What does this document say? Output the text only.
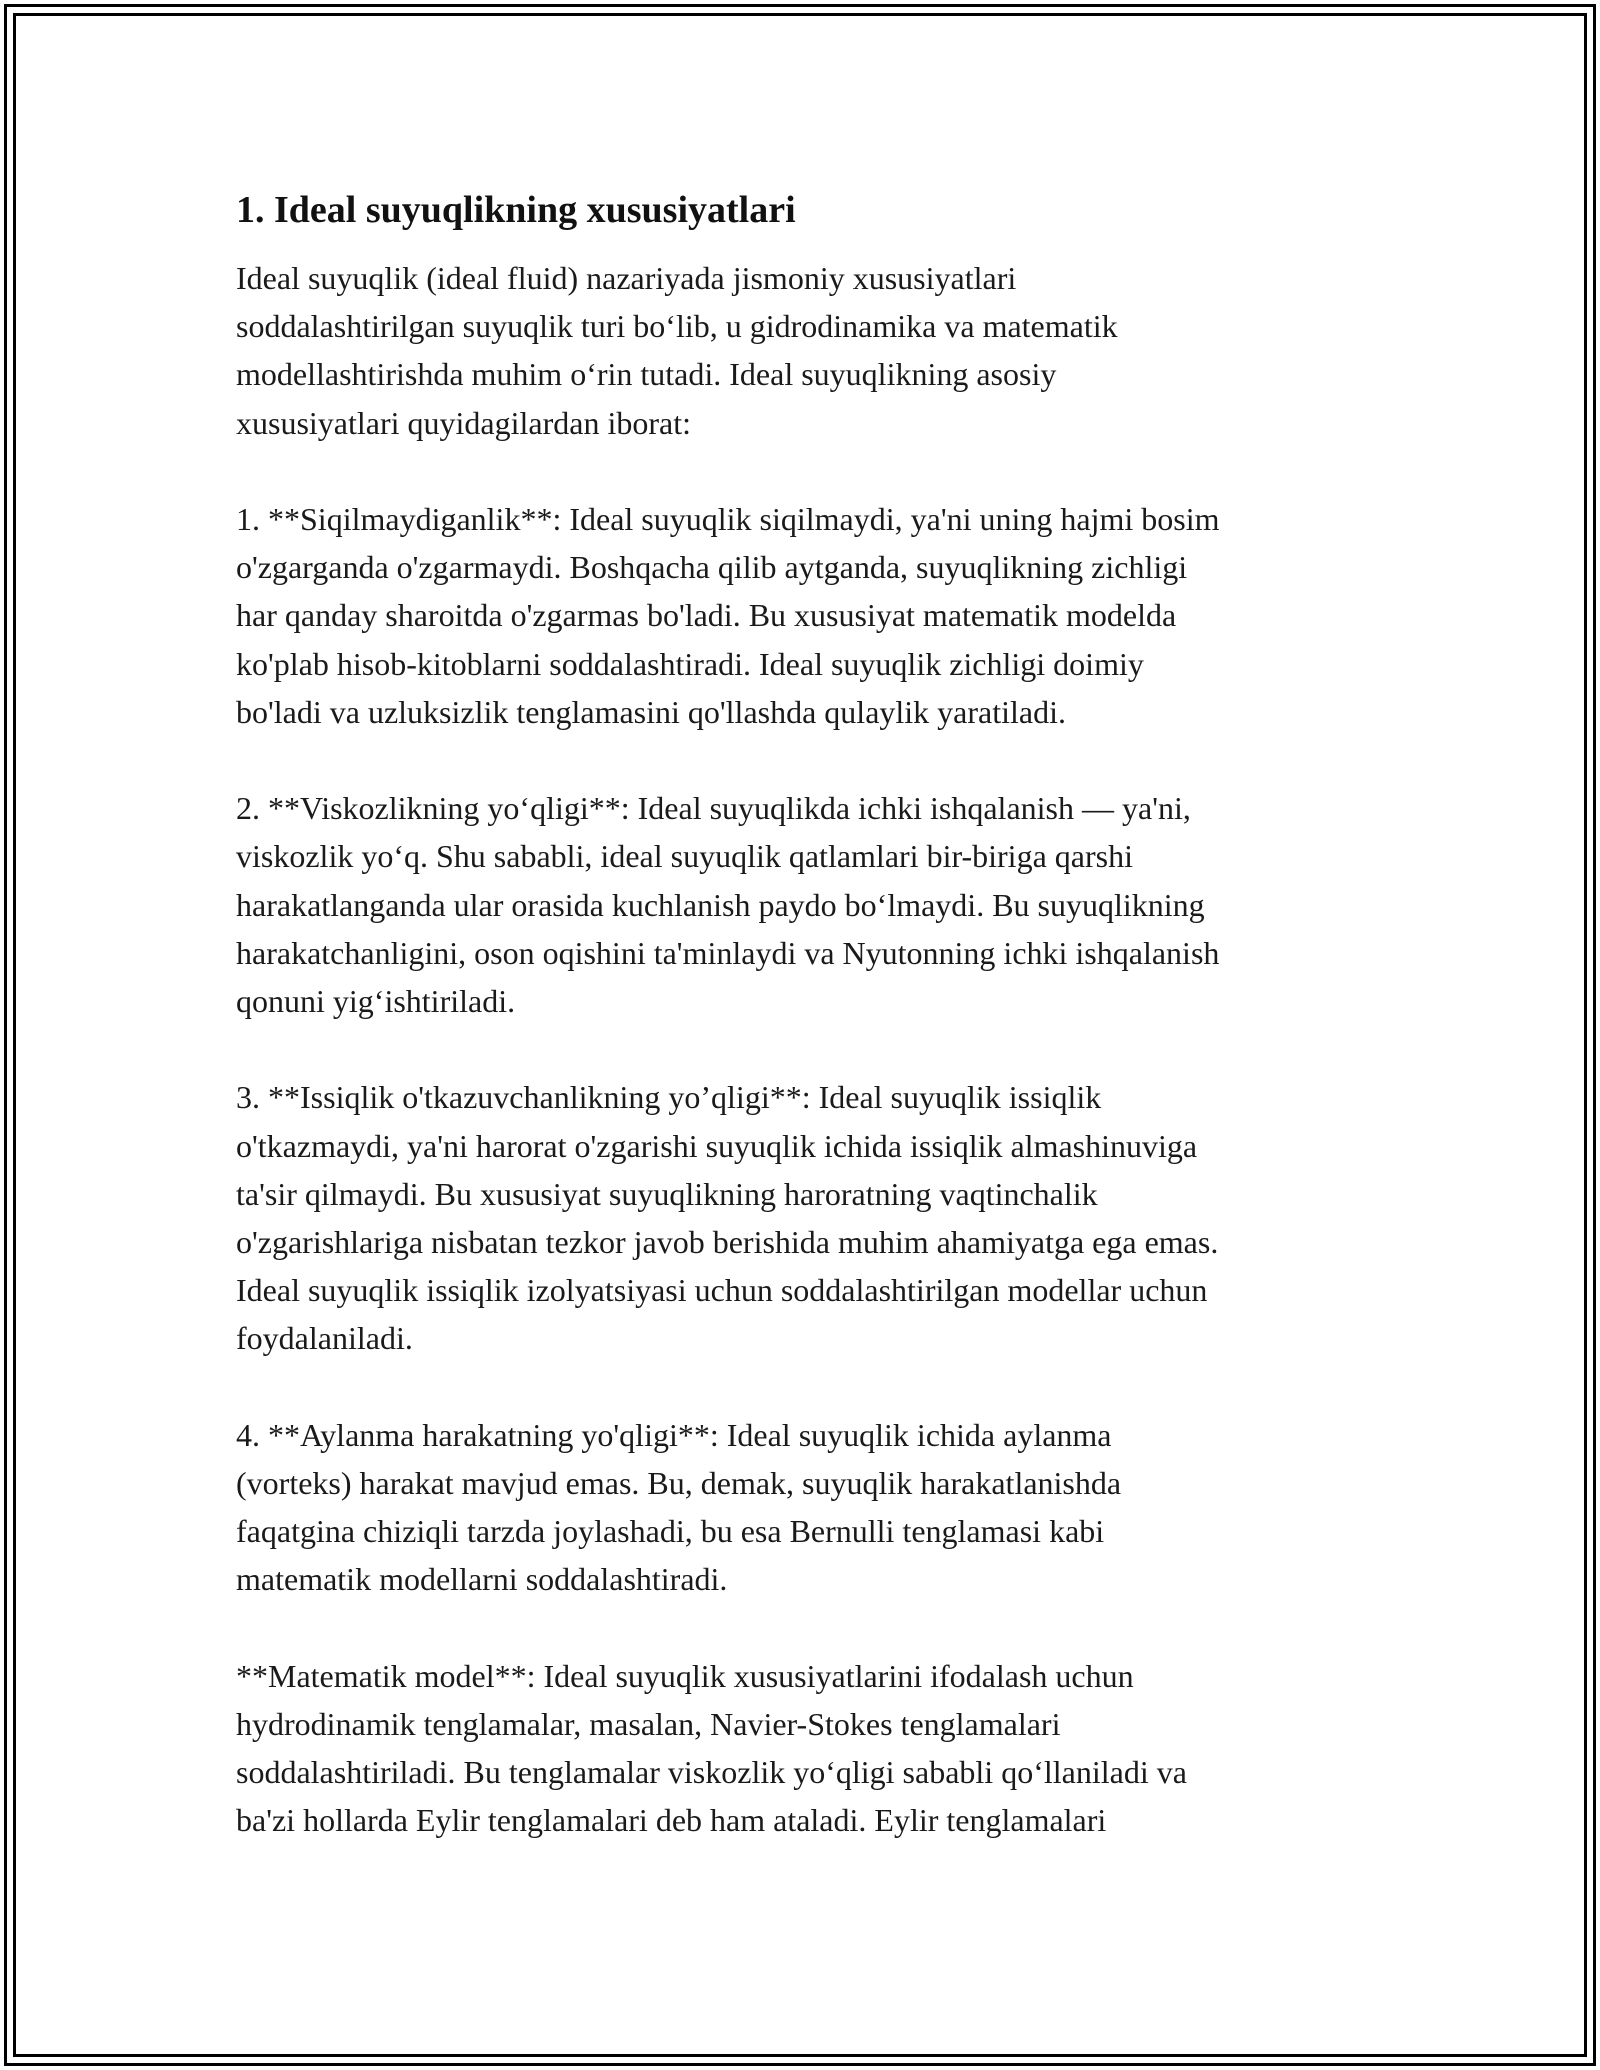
1. Ideal suyuqlikning xususiyatlari
Ideal suyuqlik (ideal fluid) nazariyada jismoniy xususiyatlari
soddalashtirilgan suyuqlik turi bo‘lib, u gidrodinamika va matematik
modellashtirishda muhim o‘rin tutadi. Ideal suyuqlikning asosiy
xususiyatlari quyidagilardan iborat:
1. **Siqilmaydiganlik**: Ideal suyuqlik siqilmaydi, ya'ni uning hajmi bosim
o'zgarganda o'zgarmaydi. Boshqacha qilib aytganda, suyuqlikning zichligi
har qanday sharoitda o'zgarmas bo'ladi. Bu xususiyat matematik modelda
ko'plab hisob-kitoblarni soddalashtiradi. Ideal suyuqlik zichligi doimiy
bo'ladi va uzluksizlik tenglamasini qo'llashda qulaylik yaratiladi.
2. **Viskozlikning yo‘qligi**: Ideal suyuqlikda ichki ishqalanish — ya'ni,
viskozlik yo‘q. Shu sababli, ideal suyuqlik qatlamlari bir-biriga qarshi
harakatlanganda ular orasida kuchlanish paydo bo‘lmaydi. Bu suyuqlikning
harakatchanligini, oson oqishini ta'minlaydi va Nyutonning ichki ishqalanish
qonuni yig‘ishtiriladi.
3. **Issiqlik o'tkazuvchanlikning yo’qligi**: Ideal suyuqlik issiqlik
o'tkazmaydi, ya'ni harorat o'zgarishi suyuqlik ichida issiqlik almashinuviga
ta'sir qilmaydi. Bu xususiyat suyuqlikning haroratning vaqtinchalik
o'zgarishlariga nisbatan tezkor javob berishida muhim ahamiyatga ega emas.
Ideal suyuqlik issiqlik izolyatsiyasi uchun soddalashtirilgan modellar uchun
foydalaniladi.
4. **Aylanma harakatning yo'qligi**: Ideal suyuqlik ichida aylanma
(vorteks) harakat mavjud emas. Bu, demak, suyuqlik harakatlanishda
faqatgina chiziqli tarzda joylashadi, bu esa Bernulli tenglamasi kabi
matematik modellarni soddalashtiradi.
**Matematik model**: Ideal suyuqlik xususiyatlarini ifodalash uchun
hydrodinamik tenglamalar, masalan, Navier-Stokes tenglamalari
soddalashtiriladi. Bu tenglamalar viskozlik yo‘qligi sababli qo‘llaniladi va
ba'zi hollarda Eylir tenglamalari deb ham ataladi. Eylir tenglamalari
